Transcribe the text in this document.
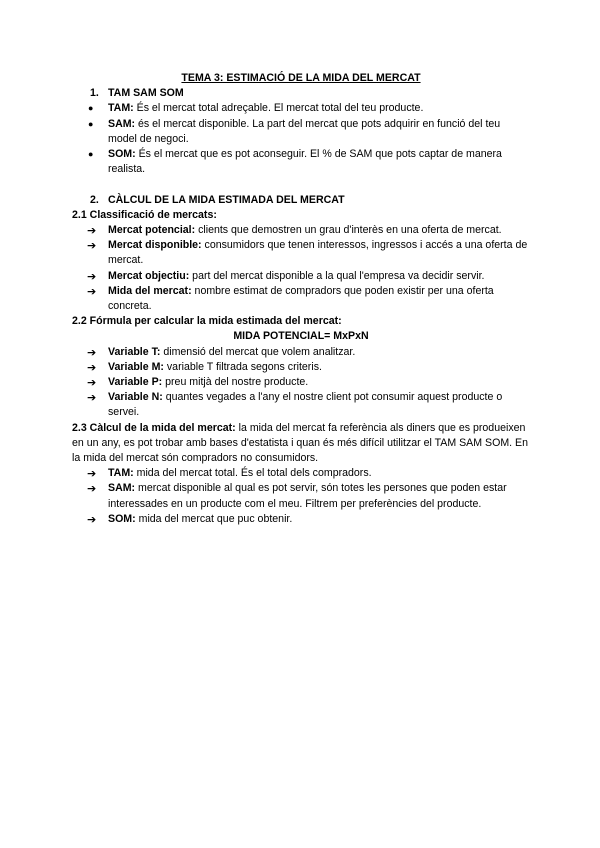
TEMA 3: ESTIMACIÓ DE LA MIDA DEL MERCAT
1. TAM SAM SOM
● TAM: És el mercat total adreçable. El mercat total del teu producte.
● SAM: és el mercat disponible. La part del mercat que pots adquirir en funció del teu model de negoci.
● SOM: És el mercat que es pot aconseguir. El % de SAM que pots captar de manera realista.
2. CÀLCUL DE LA MIDA ESTIMADA DEL MERCAT
2.1 Classificació de mercats:
➔ Mercat potencial: clients que demostren un grau d'interès en una oferta de mercat.
➔ Mercat disponible: consumidors que tenen interessos, ingressos i accés a una oferta de mercat.
➔ Mercat objectiu: part del mercat disponible a la qual l'empresa va decidir servir.
➔ Mida del mercat: nombre estimat de compradors que poden existir per una oferta concreta.
2.2 Fórmula per calcular la mida estimada del mercat:
MIDA POTENCIAL= MxPxN
➔ Variable T: dimensió del mercat que volem analitzar.
➔ Variable M: variable T filtrada segons criteris.
➔ Variable P: preu mitjà del nostre producte.
➔ Variable N: quantes vegades a l'any el nostre client pot consumir aquest producte o servei.
2.3 Càlcul de la mida del mercat: la mida del mercat fa referència als diners que es produeixen en un any, es pot trobar amb bases d'estatista i quan és més difícil utilitzar el TAM SAM SOM. En la mida del mercat són compradors no consumidors.
➔ TAM: mida del mercat total. És el total dels compradors.
➔ SAM: mercat disponible al qual es pot servir, són totes les persones que poden estar interessades en un producte com el meu. Filtrem per preferències del producte.
➔ SOM: mida del mercat que puc obtenir.
